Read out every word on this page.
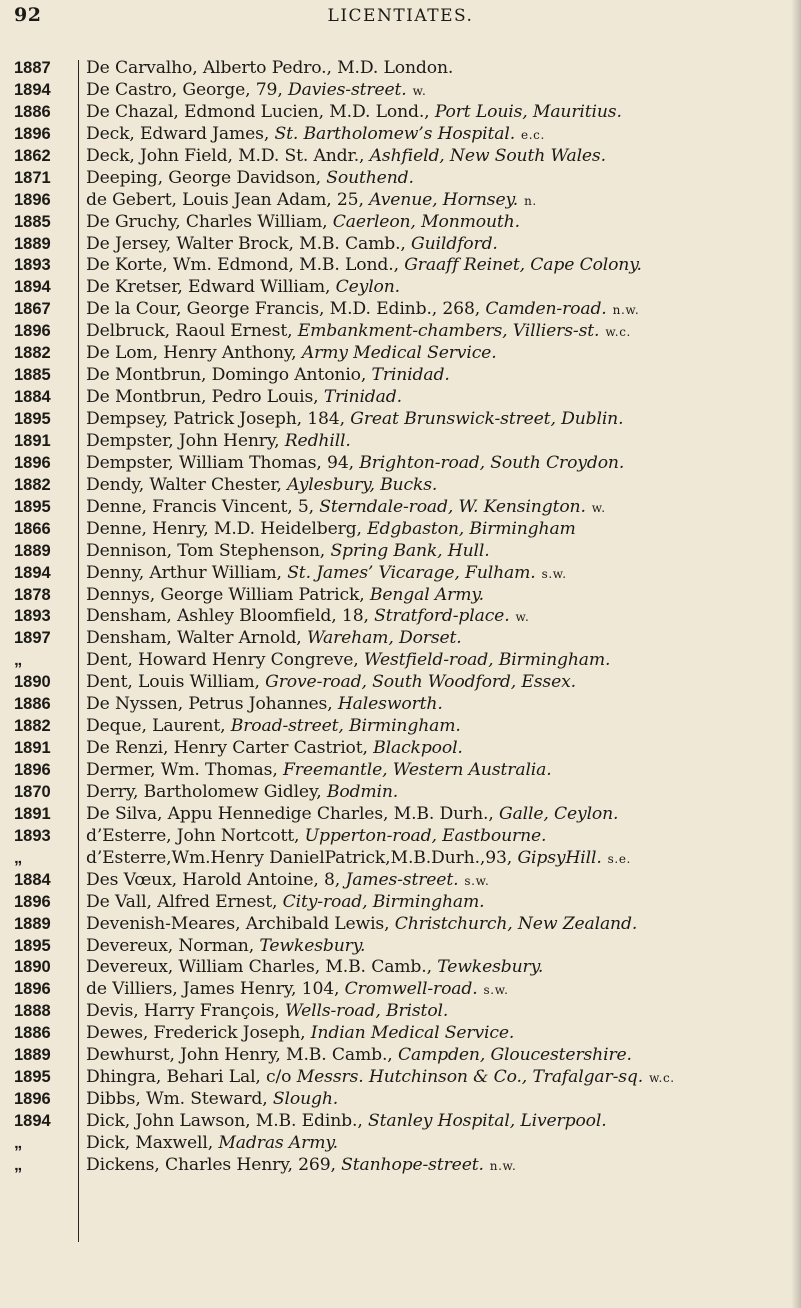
92	LICENTIATES.
1887	De Carvalho, Alberto Pedro., M.D. London.
1894	De Castro, George, 79, Davies-street. w.
1886	De Chazal, Edmond Lucien, M.D. Lond., Port Louis, Mauritius.
1896	Deck, Edward James, St. Bartholomew’s Hospital. e.c.
1862	Deck, John Field, M.D. St. Andr., Ashfield, New South Wales.
1871	Deeping, George Davidson, Southend.
1896	de Gebert, Louis Jean Adam, 25, Avenue, Hornsey. n.
1885	De Gruchy, Charles William, Caerleon, Monmouth.
1889	De Jersey, Walter Brock, M.B. Camb., Guildford.
1893	De Korte, Wm. Edmond, M.B. Lond., Graaff Reinet, Cape Colony.
1894	De Kretser, Edward William, Ceylon.
1867	De la Cour, George Francis, M.D. Edinb., 268, Camden-road. n.w.
1896	Delbruck, Raoul Ernest, Embankment-chambers, Villiers-st. w.c.
1882	De Lom, Henry Anthony, Army Medical Service.
1885	De Montbrun, Domingo Antonio, Trinidad.
1884	De Montbrun, Pedro Louis, Trinidad.
1895	Dempsey, Patrick Joseph, 184, Great Brunswick-street, Dublin.
1891	Dempster, John Henry, Redhill.
1896	Dempster, William Thomas, 94, Brighton-road, South Croydon.
1882	Dendy, Walter Chester, Aylesbury, Bucks.
1895	Denne, Francis Vincent, 5, Sterndale-road, W. Kensington. w.
1866	Denne, Henry, M.D. Heidelberg, Edgbaston, Birmingham
1889	Dennison, Tom Stephenson, Spring Bank, Hull.
1894	Denny, Arthur William, St. James’ Vicarage, Fulham. s.w.
1878	Dennys, George William Patrick, Bengal Army.
1893	Densham, Ashley Bloomfield, 18, Stratford-place. w.
1897	Densham, Walter Arnold, Wareham, Dorset.
„	Dent, Howard Henry Congreve, Westfield-road, Birmingham.
1890	Dent, Louis William, Grove-road, South Woodford, Essex.
1886	De Nyssen, Petrus Johannes, Halesworth.
1882	Deque, Laurent, Broad-street, Birmingham.
1891	De Renzi, Henry Carter Castriot, Blackpool.
1896	Dermer, Wm. Thomas, Freemantle, Western Australia.
1870	Derry, Bartholomew Gidley, Bodmin.
1891	De Silva, Appu Hennedige Charles, M.B. Durh., Galle, Ceylon.
1893	d’Esterre, John Nortcott, Upperton-road, Eastbourne.
„	d’Esterre,Wm.Henry DanielPatrick,M.B.Durh.,93, GipsyHill. s.e.
1884	Des Vœux, Harold Antoine, 8, James-street. s.w.
1896	De Vall, Alfred Ernest, City-road, Birmingham.
1889	Devenish-Meares, Archibald Lewis, Christchurch, New Zealand.
1895	Devereux, Norman, Tewkesbury.
1890	Devereux, William Charles, M.B. Camb., Tewkesbury.
1896	de Villiers, James Henry, 104, Cromwell-road. s.w.
1888	Devis, Harry François, Wells-road, Bristol.
1886	Dewes, Frederick Joseph, Indian Medical Service.
1889	Dewhurst, John Henry, M.B. Camb., Campden, Gloucestershire.
1895	Dhingra, Behari Lal, c/o Messrs. Hutchinson & Co., Trafalgar-sq. w.c.
1896	Dibbs, Wm. Steward, Slough.
1894	Dick, John Lawson, M.B. Edinb., Stanley Hospital, Liverpool.
„	Dick, Maxwell, Madras Army.
„	Dickens, Charles Henry, 269, Stanhope-street. n.w.
